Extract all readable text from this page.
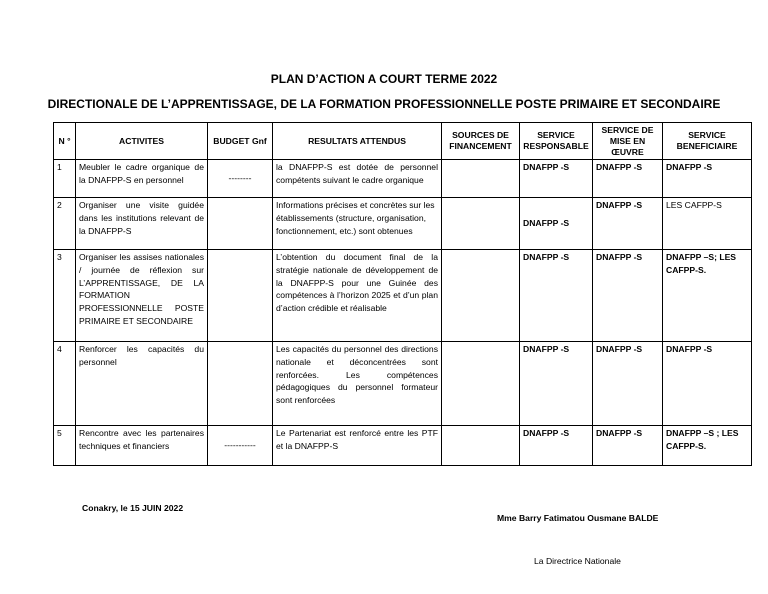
PLAN D’ACTION A COURT TERME 2022
DIRECTIONALE DE L’APPRENTISSAGE, DE LA FORMATION PROFESSIONNELLE POSTE PRIMAIRE ET SECONDAIRE
N °	ACTIVITES	BUDGET Gnf	RESULTATS ATTENDUS	SOURCES DE FINANCEMENT	SERVICE RESPONSABLE	SERVICE DE MISE EN ŒUVRE	SERVICE BENEFICIAIRE
1	Meubler le cadre organique de la DNAFPP-S en personnel	--------	la DNAFPP-S est dotée de personnel compétents suivant le cadre organique		DNAFPP -S	DNAFPP -S	DNAFPP -S
2	Organiser une visite guidée dans les institutions relevant de la DNAFPP-S		Informations précises et concrètes sur les établissements (structure, organisation, fonctionnement, etc.) sont obtenues		DNAFPP -S	DNAFPP -S	LES CAFPP-S
3	Organiser les assises nationales / journée de réflexion sur L’APPRENTISSAGE, DE LA FORMATION PROFESSIONNELLE POSTE PRIMAIRE ET SECONDAIRE		L’obtention du document final de la stratégie nationale de développement de la DNAFPP-S pour une Guinée des compétences à l’horizon 2025 et d’un plan d’action crédible et réalisable		DNAFPP -S	DNAFPP -S	DNAFPP –S; LES CAFPP-S.
4	Renforcer les capacités du personnel		Les capacités du personnel des directions nationale et déconcentrées sont renforcées. Les compétences pédagogiques du personnel formateur sont renforcées		DNAFPP -S	DNAFPP -S	DNAFPP -S
5	Rencontre avec les partenaires techniques et financiers	-----------	Le Partenariat est renforcé entre les PTF et la DNAFPP-S		DNAFPP -S	DNAFPP -S	DNAFPP –S ; LES CAFPP-S.
Conakry, le 15 JUIN 2022
Mme Barry Fatimatou Ousmane BALDE
La Directrice Nationale
